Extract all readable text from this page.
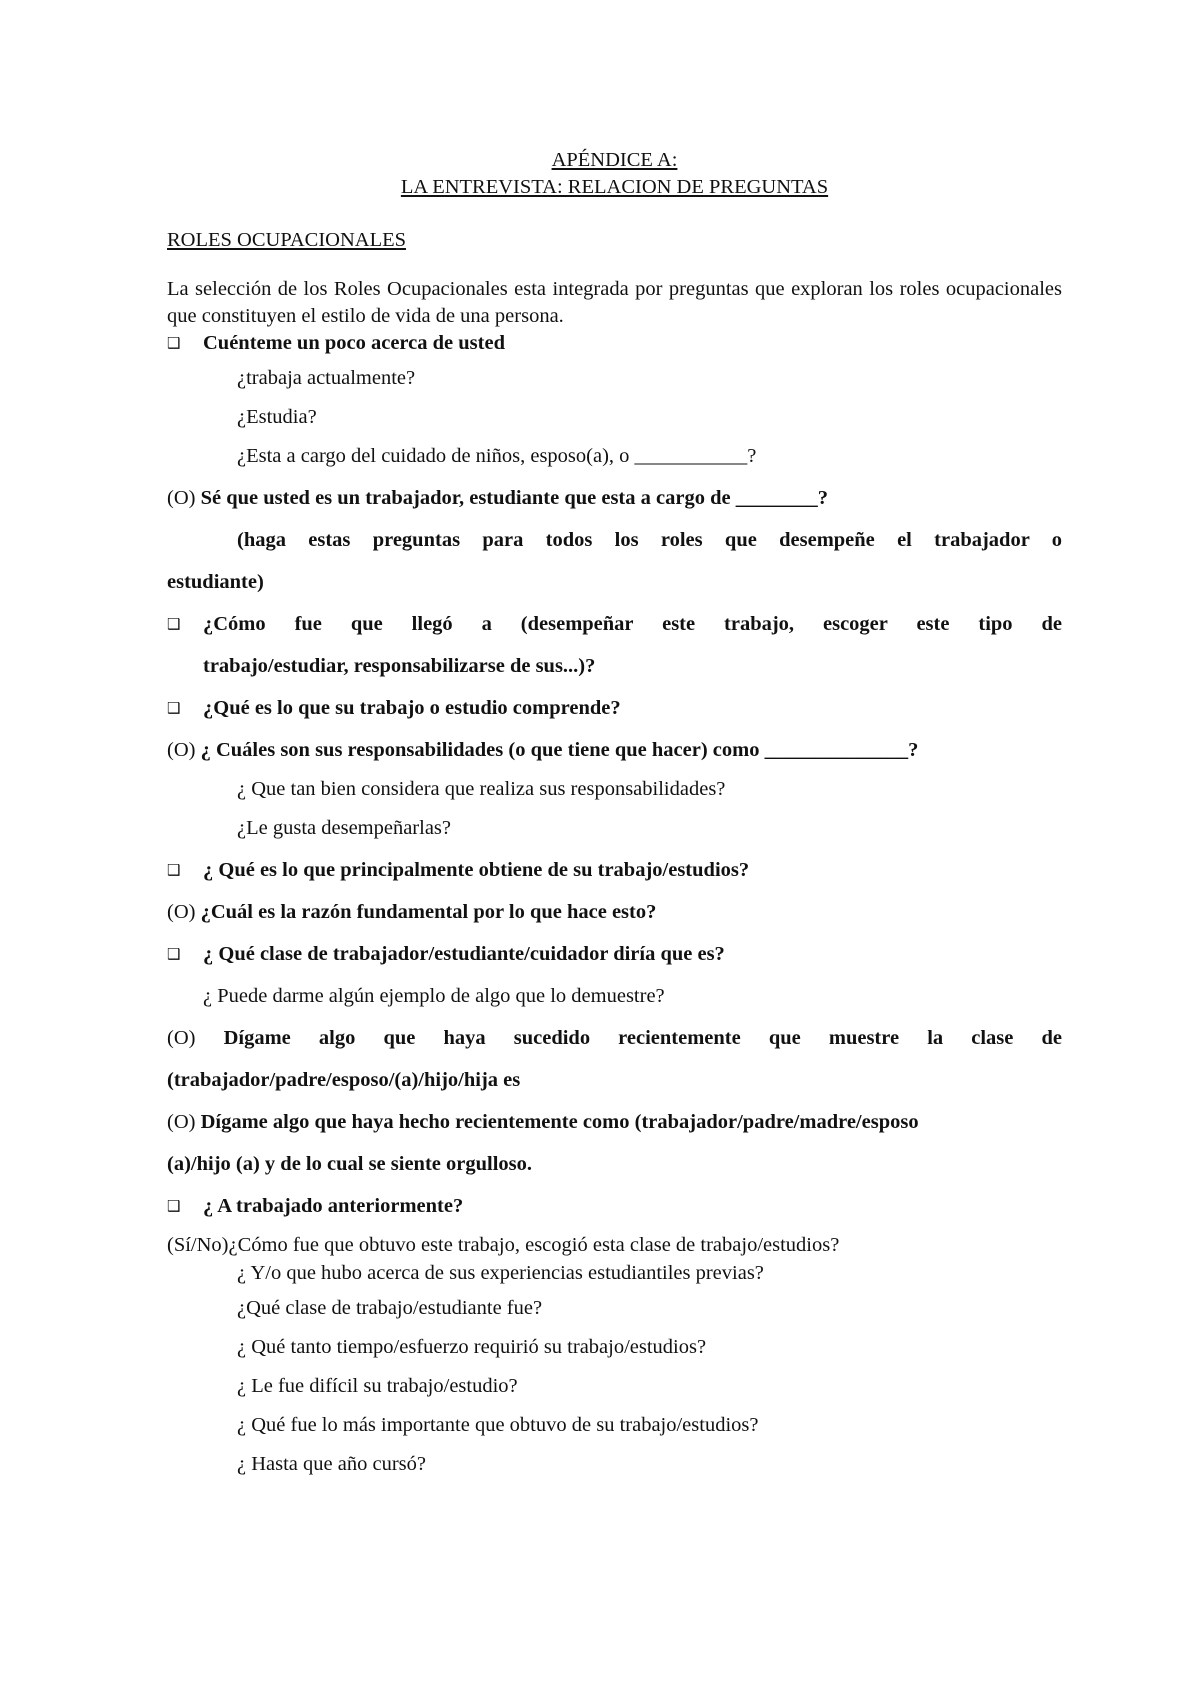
APÉNDICE A:
LA ENTREVISTA: RELACION DE PREGUNTAS
ROLES OCUPACIONALES
La selección de los Roles Ocupacionales esta integrada por preguntas que exploran los roles ocupacionales que constituyen el estilo de vida de una persona.
❑ Cuénteme un poco acerca de usted
¿trabaja actualmente?
¿Estudia?
¿Esta a cargo del cuidado de niños, esposo(a), o ___________?
(O) Sé que usted es un trabajador, estudiante que esta a cargo de ________?
(haga estas preguntas para todos los roles que desempeñe el trabajador o
estudiante)
❑ ¿Cómo fue que llegó a (desempeñar este trabajo, escoger este tipo de
trabajo/estudiar, responsabilizarse de sus...)?
❑ ¿Qué es lo que su trabajo o estudio comprende?
(O) ¿ Cuáles son sus responsabilidades (o que tiene que hacer) como ______________?
¿ Que tan bien considera que realiza sus responsabilidades?
¿Le gusta desempeñarlas?
❑ ¿ Qué es lo que principalmente obtiene de su trabajo/estudios?
(O) ¿Cuál es la razón fundamental por lo que hace esto?
❑ ¿ Qué clase de trabajador/estudiante/cuidador diría que es?
¿ Puede darme algún ejemplo de algo que lo demuestre?
(O) Dígame algo que haya sucedido recientemente que muestre la clase de
(trabajador/padre/esposo/(a)/hijo/hija es
(O) Dígame algo que haya hecho recientemente como (trabajador/padre/madre/esposo
(a)/hijo (a) y de lo cual se siente orgulloso.
❑ ¿ A trabajado anteriormente?
(Sí/No)¿Cómo fue que obtuvo este trabajo, escogió esta clase de trabajo/estudios?
¿ Y/o que hubo acerca de sus experiencias estudiantiles previas?
¿Qué clase de trabajo/estudiante fue?
¿ Qué tanto tiempo/esfuerzo requirió su trabajo/estudios?
¿ Le fue difícil su trabajo/estudio?
¿ Qué fue lo más importante que obtuvo de su trabajo/estudios?
¿ Hasta que año cursó?
